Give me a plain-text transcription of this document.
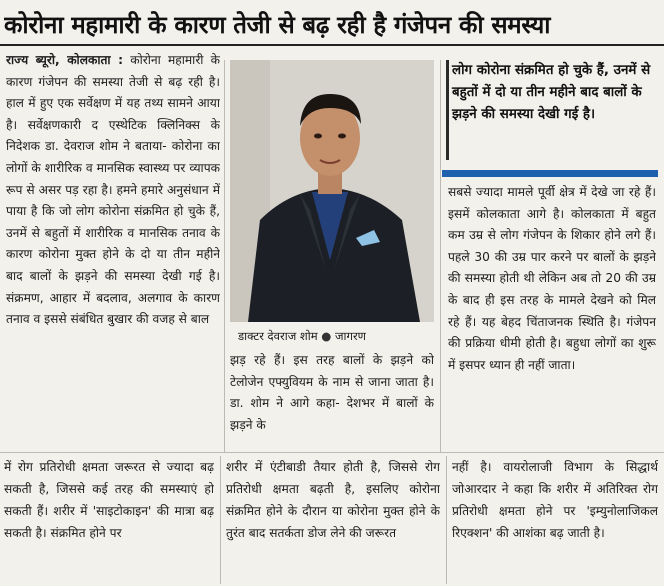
कोरोना महामारी के कारण तेजी से बढ़ रही है गंजेपन की समस्या
राज्य ब्यूरो, कोलकाता : कोरोना महामारी के कारण गंजेपन की समस्या तेजी से बढ़ रही है। हाल में हुए एक सर्वेक्षण में यह तथ्य सामने आया है। सर्वेक्षणकारी द एस्थेटिक क्लिनिक्स के निदेशक डा. देवराज शोम ने बताया- कोरोना का लोगों के शारीरिक व मानसिक स्वास्थ्य पर व्यापक रूप से असर पड़ रहा है। हमने हमारे अनुसंधान में पाया है कि जो लोग कोरोना संक्रमित हो चुके हैं, उनमें से बहुतों में शारीरिक व मानसिक तनाव के कारण कोरोना मुक्त होने के दो या तीन महीने बाद बालों के झड़ने की समस्या देखी गई है। संक्रमण, आहार में बदलाव, अलगाव के कारण तनाव व इससे संबंधित बुखार की वजह से बाल
डाक्टर देवराज शोम ● जागरण
झड़ रहे हैं। इस तरह बालों के झड़ने को टेलोजेन एफ्युवियम के नाम से जाना जाता है। डा. शोम ने आगे कहा- देशभर में बालों के झड़ने के
लोग कोरोना संक्रमित हो चुके हैं, उनमें से बहुतों में दो या तीन महीने बाद बालों के झड़ने की समस्या देखी गई है।
सबसे ज्यादा मामले पूर्वी क्षेत्र में देखे जा रहे हैं। इसमें कोलकाता आगे है। कोलकाता में बहुत कम उम्र से लोग गंजेपन के शिकार होने लगे हैं। पहले 30 की उम्र पार करने पर बालों के झड़ने की समस्या होती थी लेकिन अब तो 20 की उम्र के बाद ही इस तरह के मामले देखने को मिल रहे हैं। यह बेहद चिंताजनक स्थिति है। गंजेपन की प्रक्रिया धीमी होती है। बहुधा लोगों का शुरू में इसपर ध्यान ही नहीं जाता।
में रोग प्रतिरोधी क्षमता जरूरत से ज्यादा बढ़ सकती है, जिससे कई तरह की समस्याएं हो सकती हैं। शरीर में 'साइटोकाइन' की मात्रा बढ़ सकती है। संक्रमित होने पर
शरीर में एंटीबाडी तैयार होती है, जिससे रोग प्रतिरोधी क्षमता बढ़ती है, इसलिए कोरोना संक्रमित होने के दौरान या कोरोना मुक्त होने के तुरंत बाद सतर्कता डोज लेने की जरूरत
नहीं है। वायरोलाजी विभाग के सिद्धार्थ जोआरदार ने कहा कि शरीर में अतिरिक्त रोग प्रतिरोधी क्षमता होने पर 'इम्युनोलाजिकल रिएक्शन' की आशंका बढ़ जाती है।
